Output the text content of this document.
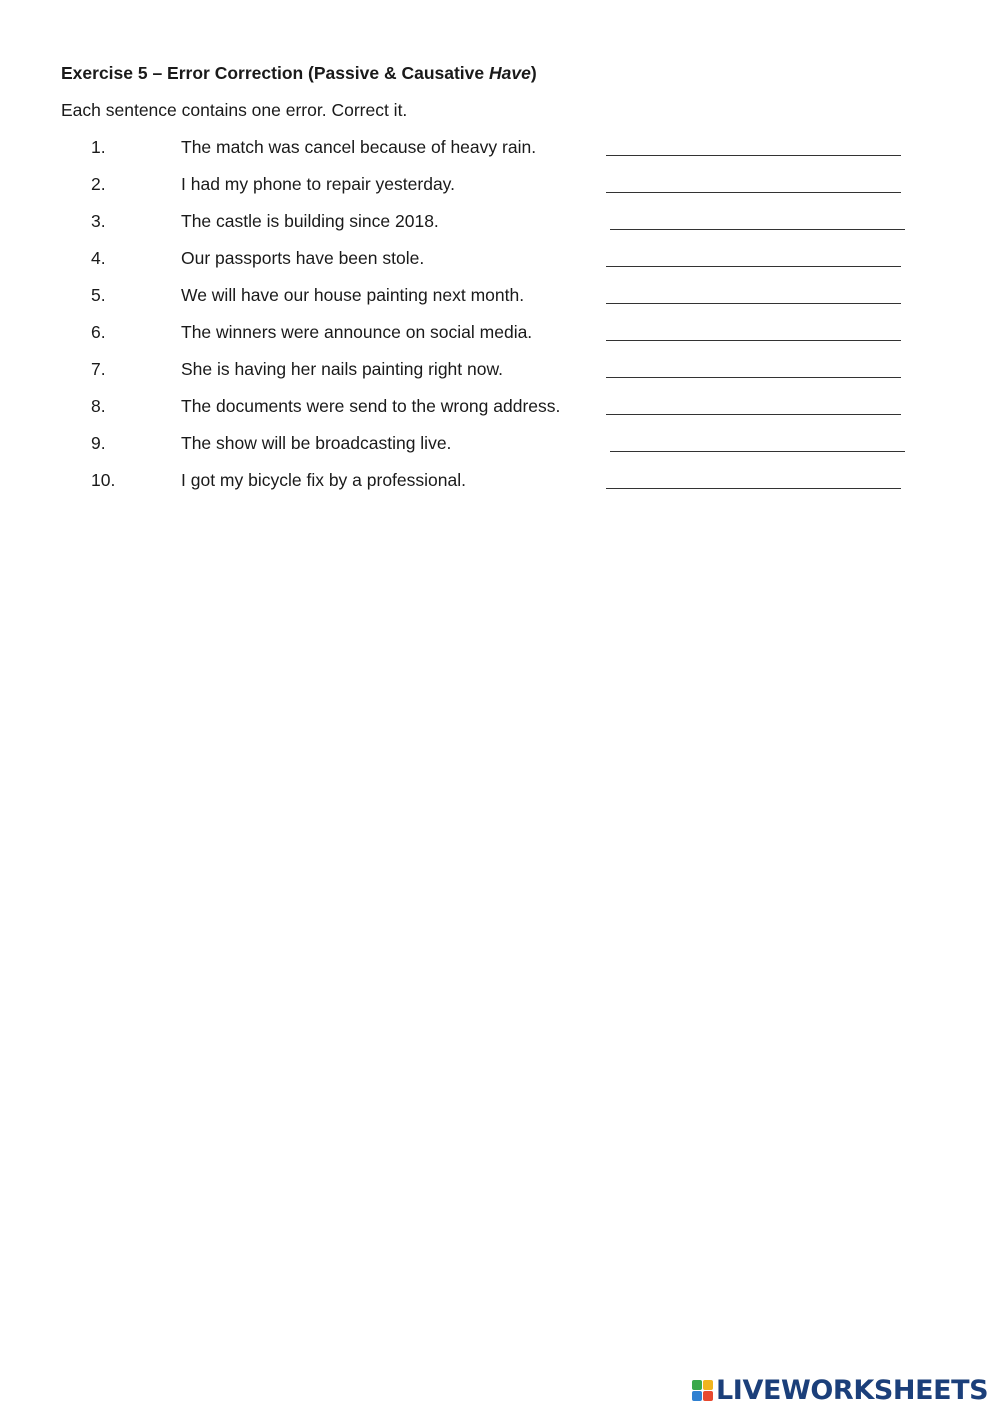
Exercise 5 – Error Correction (Passive & Causative Have)
Each sentence contains one error. Correct it.
1.	The match was cancel because of heavy rain.
2.	I had my phone to repair yesterday.
3.	The castle is building since 2018.
4.	Our passports have been stole.
5.	We will have our house painting next month.
6.	The winners were announce on social media.
7.	She is having her nails painting right now.
8.	The documents were send to the wrong address.
9.	The show will be broadcasting live.
10.	I got my bicycle fix by a professional.
LIVEWORKSHEETS
